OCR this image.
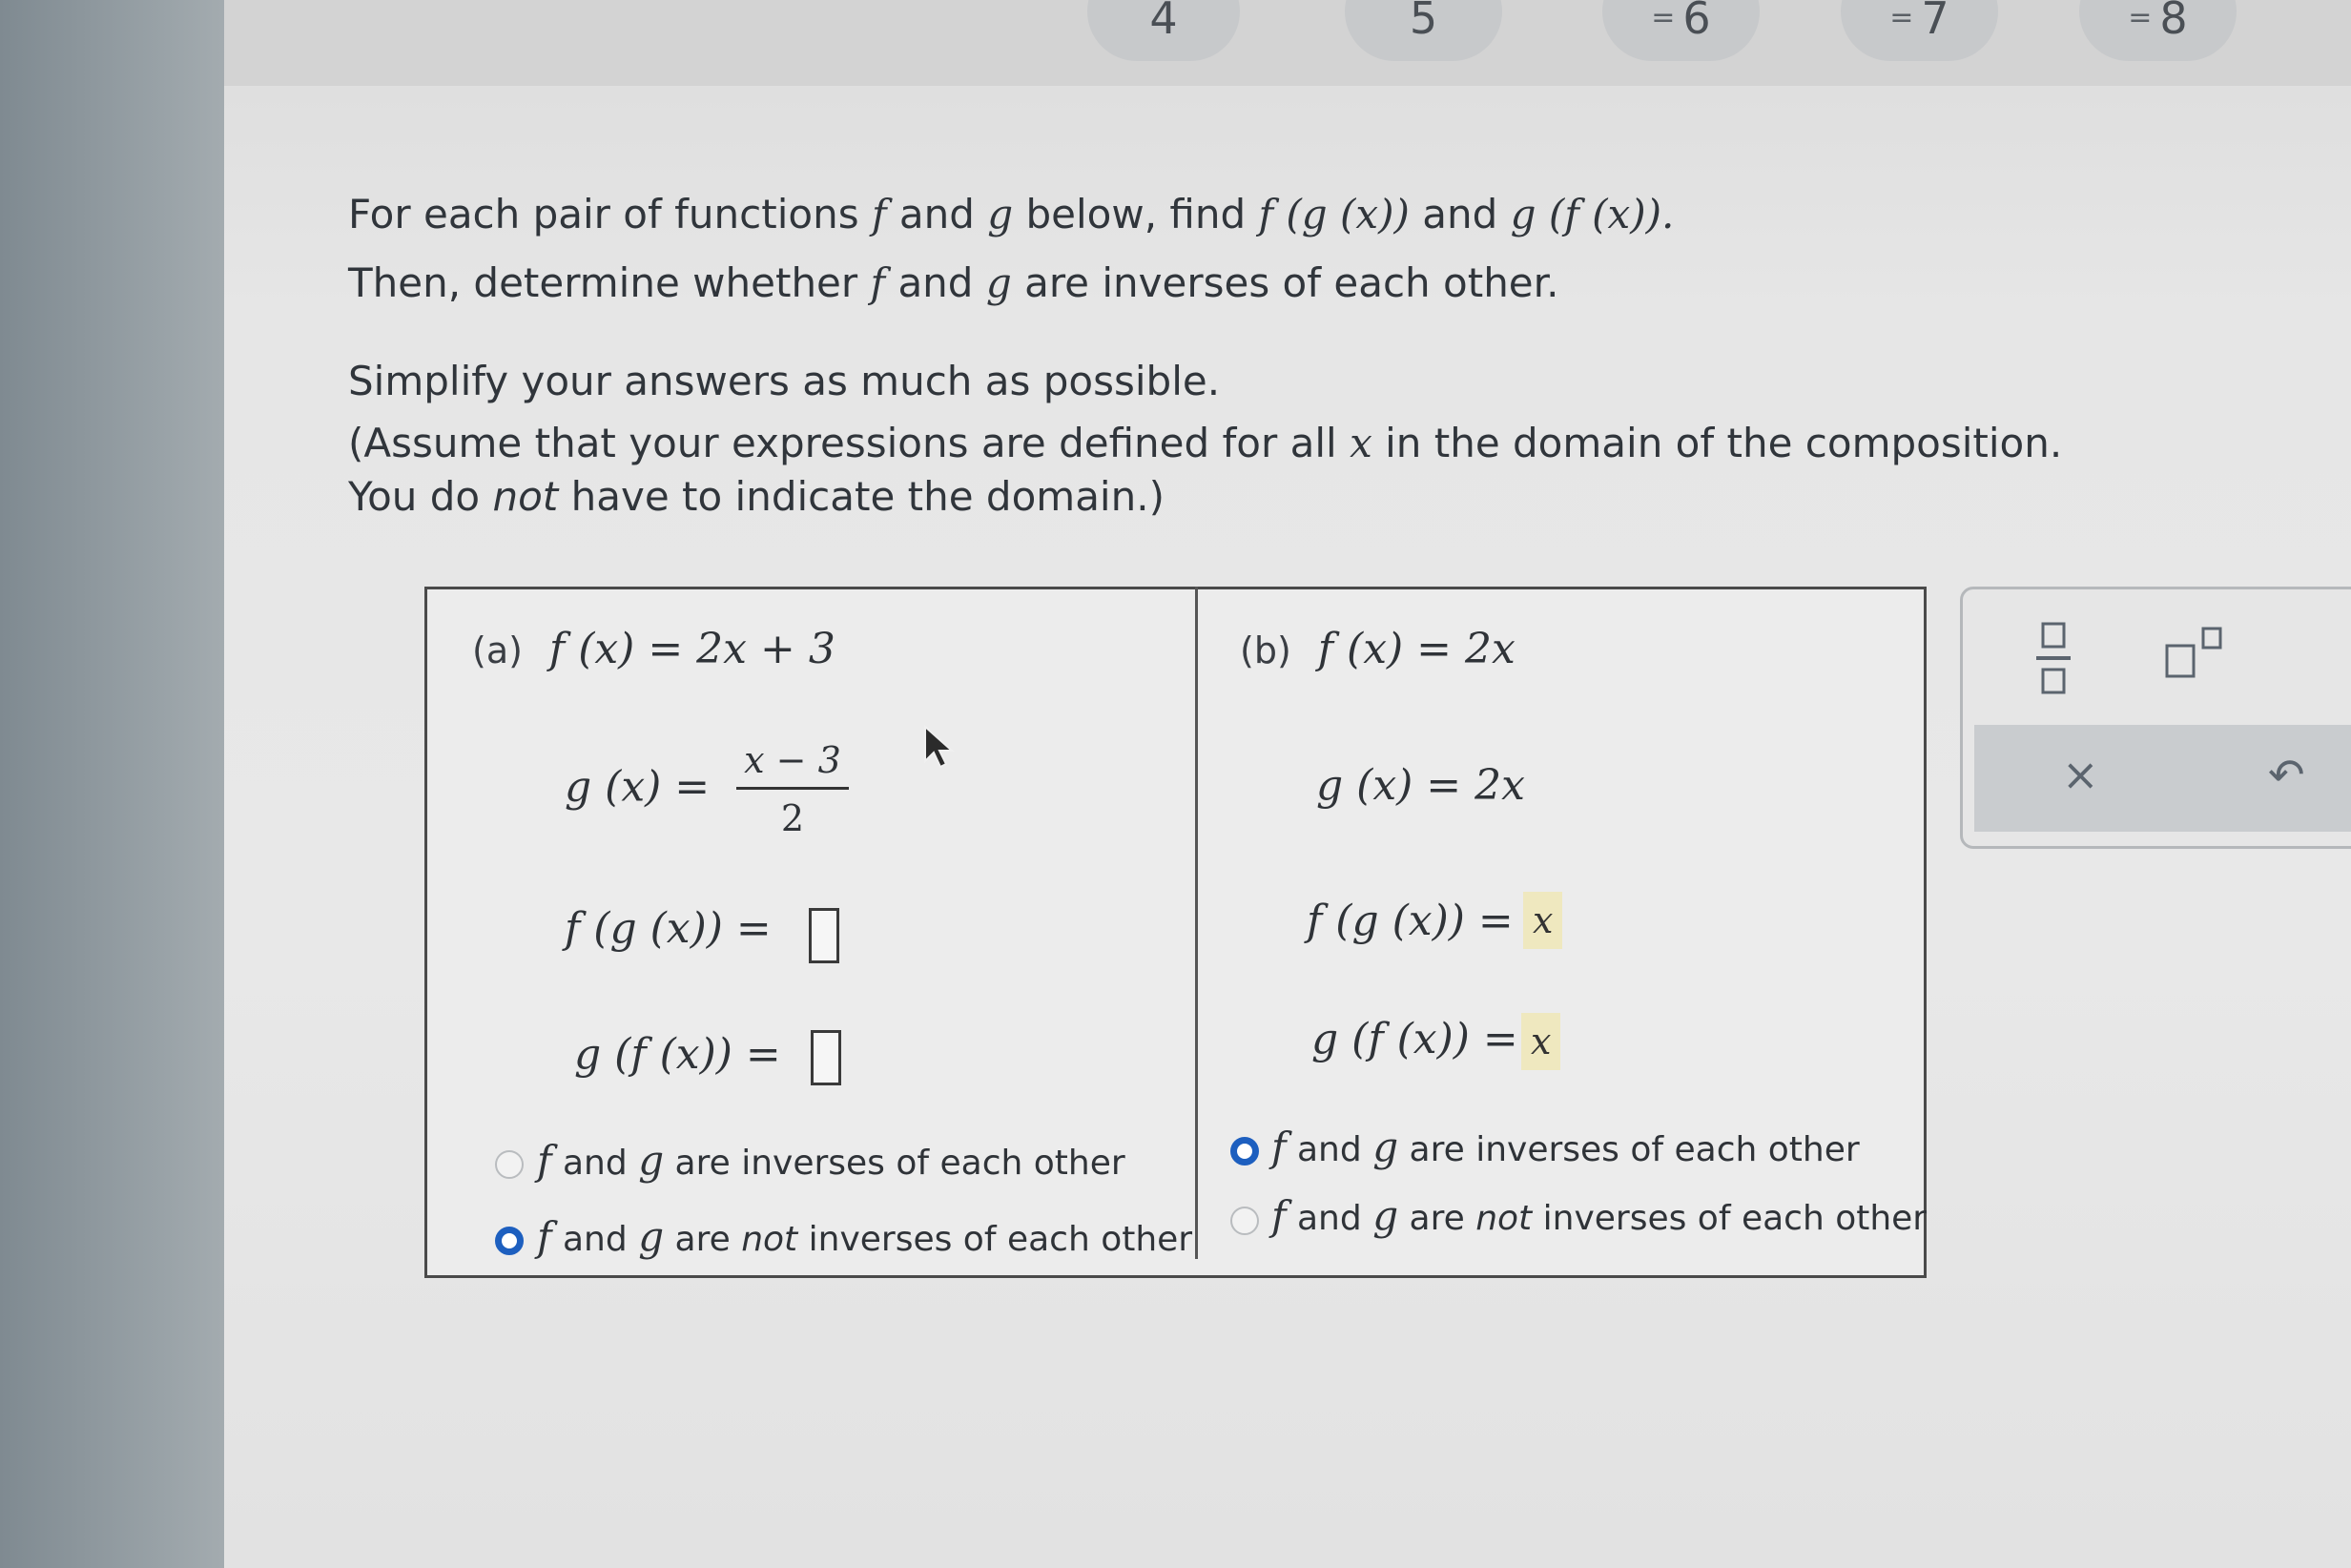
4	5	= 6	= 7	= 8
For each pair of functions f and g below, find f (g (x)) and g (f (x)).
Then, determine whether f and g are inverses of each other.
Simplify your answers as much as possible.
(Assume that your expressions are defined for all x in the domain of the composition.
You do not have to indicate the domain.)
(a) f (x) = 2x + 3
g $(x) = \frac{x - 3}{2}$
f (g (x)) =
g (f (x)) =
f and g are inverses of each other
f and g are not inverses of each other
(b) f (x) = 2x
g (x) = 2x
f (g (x)) = x
g (f (x)) = x
f and g are inverses of each other
f and g are not inverses of each other
×	↶
